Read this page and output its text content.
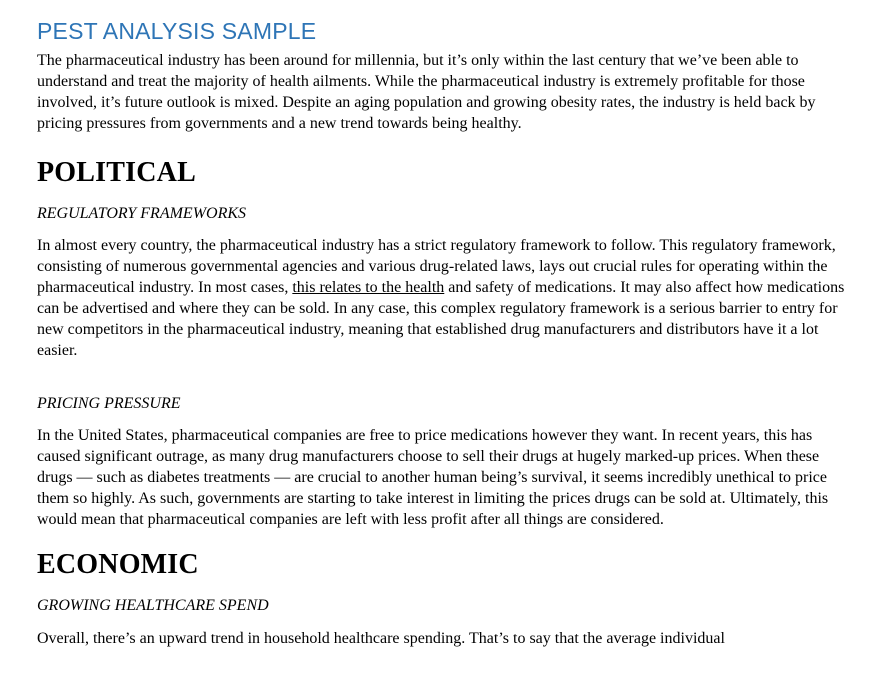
PEST ANALYSIS SAMPLE

The pharmaceutical industry has been around for millennia, but it’s only within the last century that we’ve been able to understand and treat the majority of health ailments. While the pharmaceutical industry is extremely profitable for those involved, it’s future outlook is mixed. Despite an aging population and growing obesity rates, the industry is held back by pricing pressures from governments and a new trend towards being healthy.

POLITICAL
REGULATORY FRAMEWORKS

In almost every country, the pharmaceutical industry has a strict regulatory framework to follow. This regulatory framework, consisting of numerous governmental agencies and various drug-related laws, lays out crucial rules for operating within the pharmaceutical industry. In most cases, this relates to the health and safety of medications. It may also affect how medications can be advertised and where they can be sold. In any case, this complex regulatory framework is a serious barrier to entry for new competitors in the pharmaceutical industry, meaning that established drug manufacturers and distributors have it a lot easier.

PRICING PRESSURE

In the United States, pharmaceutical companies are free to price medications however they want. In recent years, this has caused significant outrage, as many drug manufacturers choose to sell their drugs at hugely marked-up prices. When these drugs — such as diabetes treatments — are crucial to another human being’s survival, it seems incredibly unethical to price them so highly. As such, governments are starting to take interest in limiting the prices drugs can be sold at. Ultimately, this would mean that pharmaceutical companies are left with less profit after all things are considered.

ECONOMIC
GROWING HEALTHCARE SPEND

Overall, there’s an upward trend in household healthcare spending. That’s to say that the average individual
